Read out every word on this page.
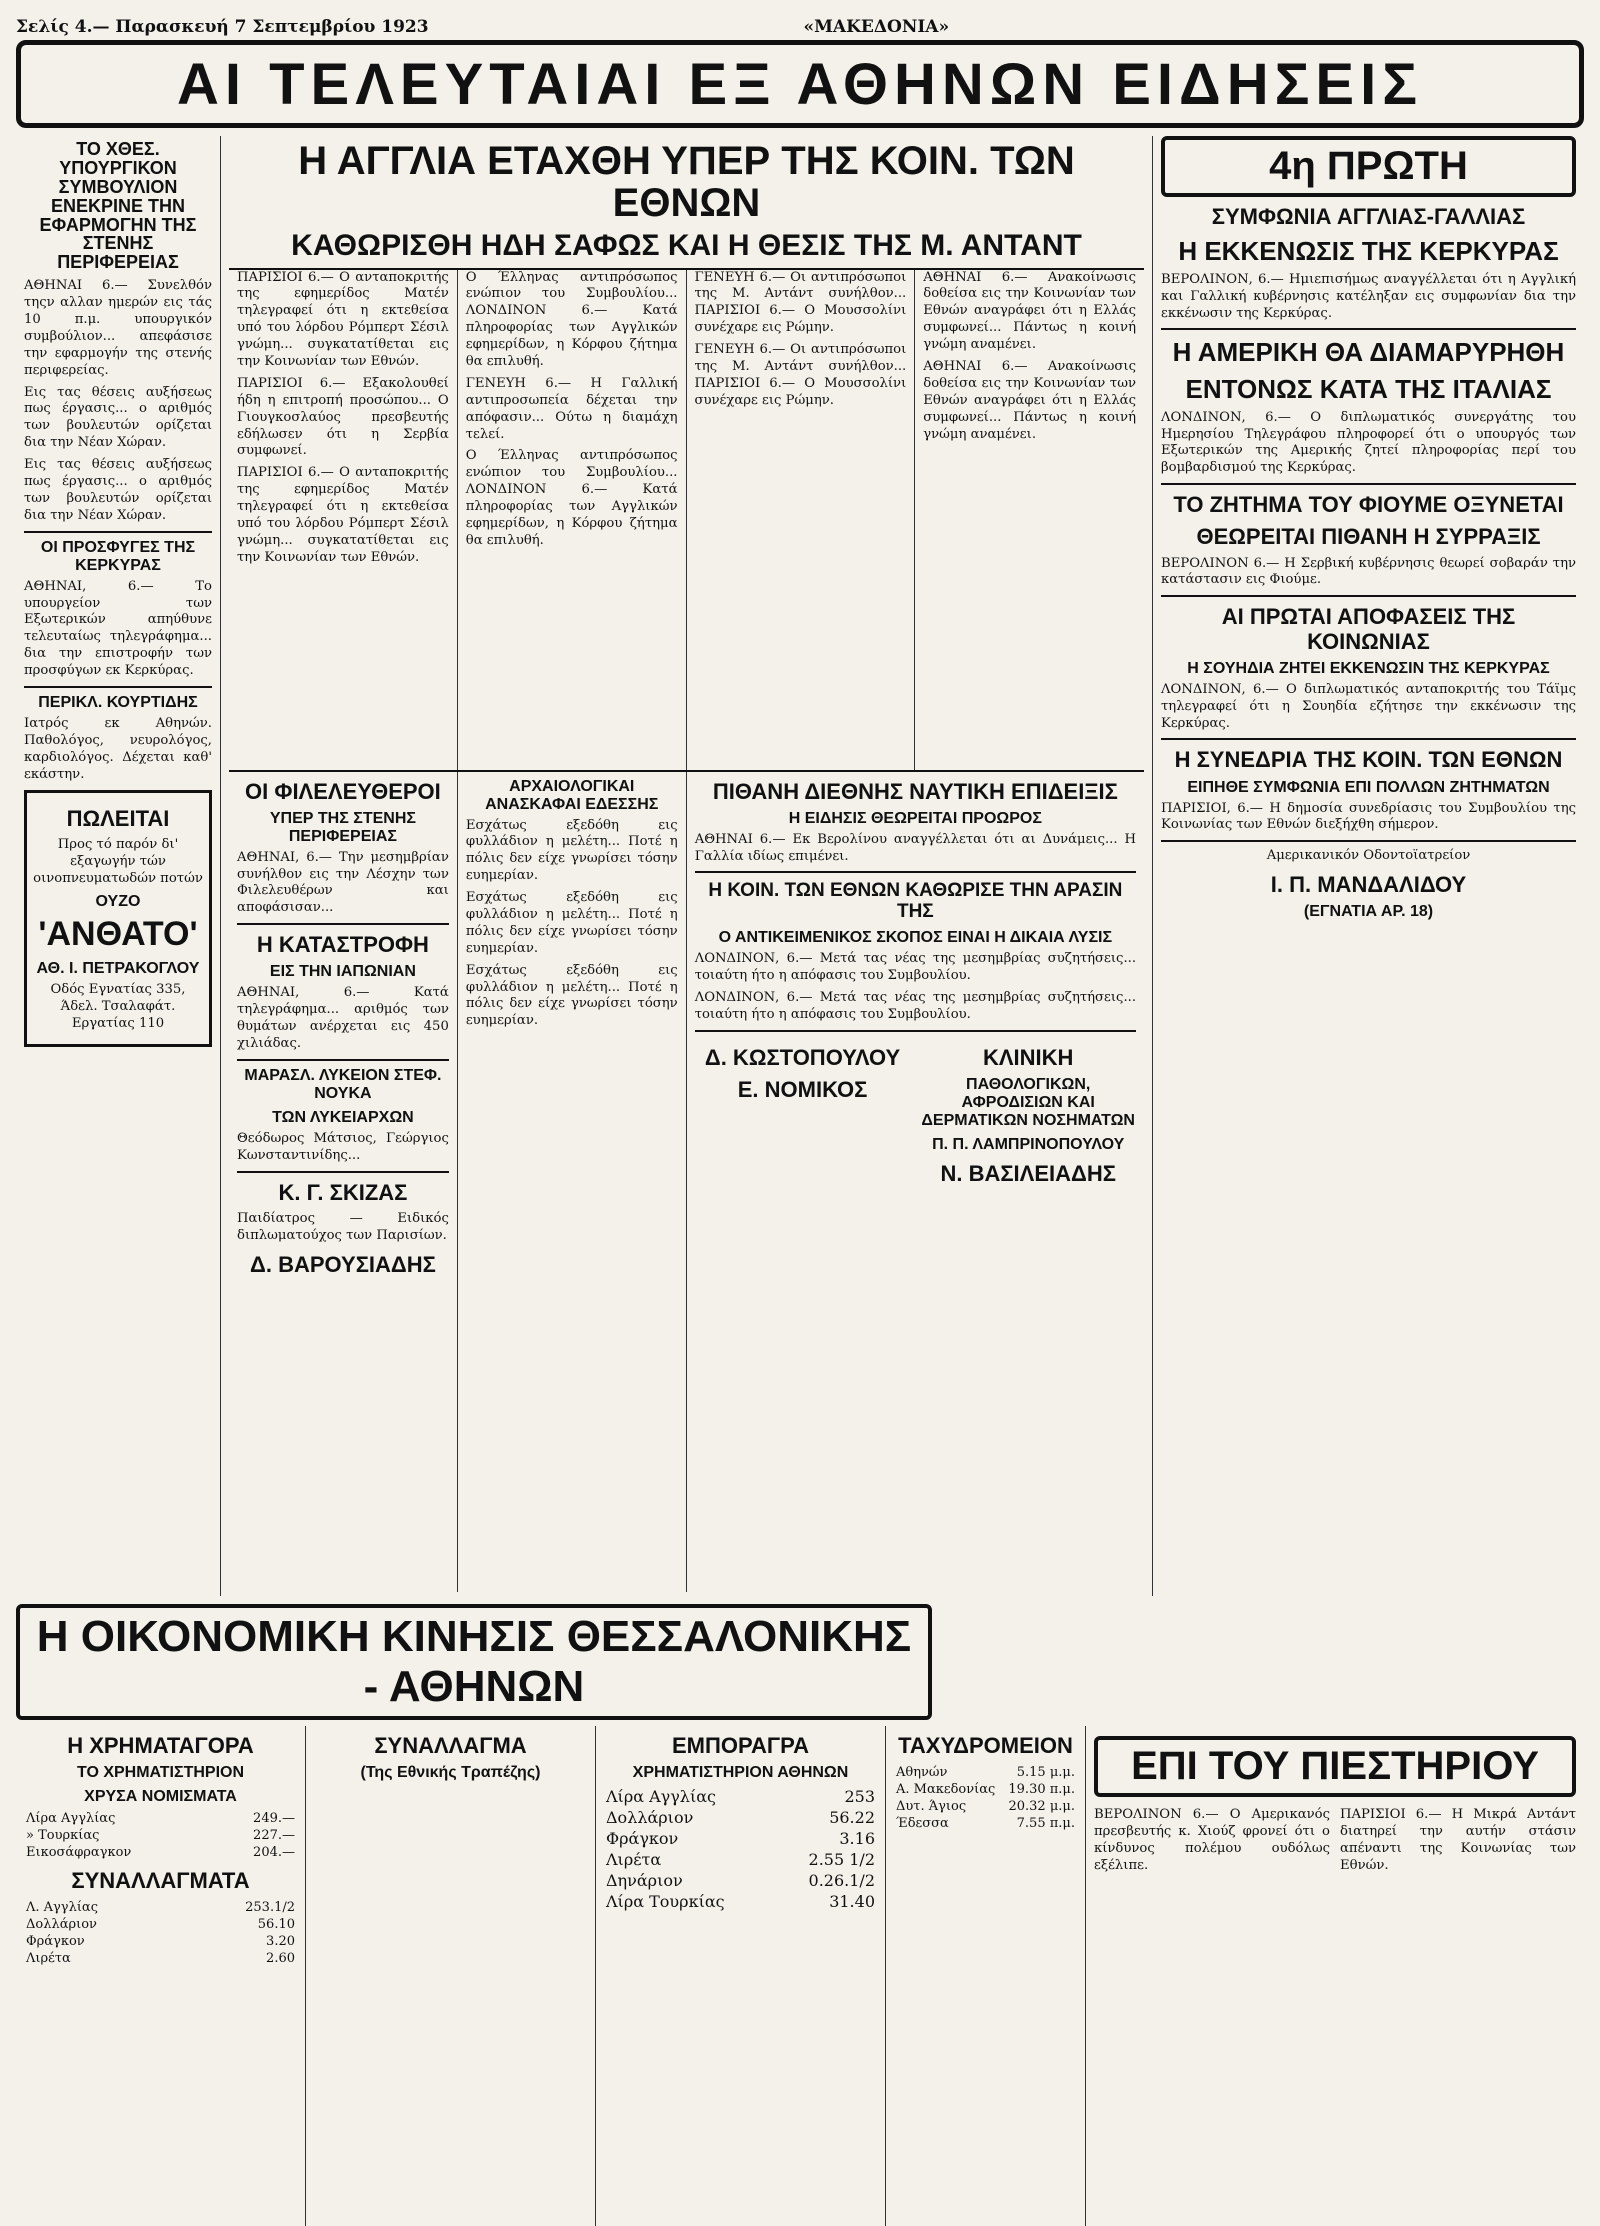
Σελίς 4.— Παρασκευή 7 Σεπτεμβρίου 1923	«ΜΑΚΕΔΟΝΙΑ»
ΑΙ ΤΕΛΕΥΤΑΙΑΙ ΕΞ ΑΘΗΝΩΝ ΕΙΔΗΣΕΙΣ
ΤΟ ΧΘΕΣ. ΥΠΟΥΡΓΙΚΟΝ ΣΥΜΒΟΥΛΙΟΝ ΕΝΕΚΡΙΝΕ ΤΗΝ ΕΦΑΡΜΟΓΗΝ ΤΗΣ ΣΤΕΝΗΣ ΠΕΡΙΦΕΡΕΙΑΣ

ΑΘΗΝΑΙ 6.— Συνελθόν τηςν αλλαν ημερών εις τάς 10 π.μ. υπουργικόν συμβούλιον... απεφάσισε την εφαρμογήν της στενής περιφερείας.

Εις τας θέσεις αυξήσεως πως έργασις... ο αριθμός των βουλευτών ορίζεται δια την Νέαν Χώραν.

Εις τας θέσεις αυξήσεως πως έργασις... ο αριθμός των βουλευτών ορίζεται δια την Νέαν Χώραν.

ΟΙ ΠΡΟΣΦΥΓΕΣ ΤΗΣ ΚΕΡΚΥΡΑΣ

ΑΘΗΝΑΙ, 6.— Το υπουργείον των Εξωτερικών απηύθυνε τελευταίως τηλεγράφημα... δια την επιστροφήν των προσφύγων εκ Κερκύρας.

ΠΕΡΙΚΛ. ΚΟΥΡΤΙΔΗΣ

Ιατρός εκ Αθηνών. Παθολόγος, νευρολόγος, καρδιολόγος. Δέχεται καθ' εκάστην.

ΠΩΛΕΙΤΑΙ

Προς τό παρόν δι' εξαγωγήν τών οινοπνευματωδών ποτών

ΟΥΖΟ
'ΑΝΘΑΤΟ'
ΑΘ. Ι. ΠΕΤΡΑΚΟΓΛΟΥ

Οδός Εγνατίας 335, Άδελ. Τσαλαφάτ. Εργατίας 110

Η ΑΓΓΛΙΑ ΕΤΑΧΘΗ ΥΠΕΡ ΤΗΣ ΚΟΙΝ. ΤΩΝ ΕΘΝΩΝ
ΚΑΘΩΡΙΣΘΗ ΗΔΗ ΣΑΦΩΣ ΚΑΙ Η ΘΕΣΙΣ ΤΗΣ Μ. ΑΝΤΑΝΤ

ΠΑΡΙΣΙΟΙ 6.— Ο ανταποκριτής της εφημερίδος Ματέν τηλεγραφεί ότι η εκτεθείσα υπό του λόρδου Ρόμπερτ Σέσιλ γνώμη... συγκατατίθεται εις την Κοινωνίαν των Εθνών.

ΠΑΡΙΣΙΟΙ 6.— Εξακολουθεί ήδη η επιτροπή προσώπου... Ο Γιουγκοσλαύος πρεσβευτής εδήλωσεν ότι η Σερβία συμφωνεί.

ΠΑΡΙΣΙΟΙ 6.— Ο ανταποκριτής της εφημερίδος Ματέν τηλεγραφεί ότι η εκτεθείσα υπό του λόρδου Ρόμπερτ Σέσιλ γνώμη... συγκατατίθεται εις την Κοινωνίαν των Εθνών.

Ο Έλληνας αντιπρόσωπος ενώπιον του Συμβουλίου... ΛΟΝΔΙΝΟΝ 6.— Κατά πληροφορίας των Αγγλικών εφημερίδων, η Κόρφου ζήτημα θα επιλυθή.

ΓΕΝΕΥΗ 6.— Η Γαλλική αντιπροσωπεία δέχεται την απόφασιν... Ούτω η διαμάχη τελεί.

Ο Έλληνας αντιπρόσωπος ενώπιον του Συμβουλίου... ΛΟΝΔΙΝΟΝ 6.— Κατά πληροφορίας των Αγγλικών εφημερίδων, η Κόρφου ζήτημα θα επιλυθή.

ΓΕΝΕΥΗ 6.— Οι αντιπρόσωποι της Μ. Αντάντ συνήλθον... ΠΑΡΙΣΙΟΙ 6.— Ο Μουσσολίνι συνέχαρε εις Ρώμην.

ΓΕΝΕΥΗ 6.— Οι αντιπρόσωποι της Μ. Αντάντ συνήλθον... ΠΑΡΙΣΙΟΙ 6.— Ο Μουσσολίνι συνέχαρε εις Ρώμην.

ΑΘΗΝΑΙ 6.— Ανακοίνωσις δοθείσα εις την Κοινωνίαν των Εθνών αναγράφει ότι η Ελλάς συμφωνεί... Πάντως η κοινή γνώμη αναμένει.

ΑΘΗΝΑΙ 6.— Ανακοίνωσις δοθείσα εις την Κοινωνίαν των Εθνών αναγράφει ότι η Ελλάς συμφωνεί... Πάντως η κοινή γνώμη αναμένει.

ΟΙ ΦΙΛΕΛΕΥΘΕΡΟΙ
ΥΠΕΡ ΤΗΣ ΣΤΕΝΗΣ ΠΕΡΙΦΕΡΕΙΑΣ

ΑΘΗΝΑΙ, 6.— Την μεσημβρίαν συνήλθον εις την Λέσχην των Φιλελευθέρων και αποφάσισαν...

Η ΚΑΤΑΣΤΡΟΦΗ
ΕΙΣ ΤΗΝ ΙΑΠΩΝΙΑΝ

ΑΘΗΝΑΙ, 6.— Κατά τηλεγράφημα... αριθμός των θυμάτων ανέρχεται εις 450 χιλιάδας.

ΜΑΡΑΣΛ. ΛΥΚΕΙΟΝ ΣΤΕΦ. ΝΟΥΚΑ
ΤΩΝ ΛΥΚΕΙΑΡΧΩΝ

Θεόδωρος Μάτσιος, Γεώργιος Κωνσταντινίδης...

Κ. Γ. ΣΚΙΖΑΣ

Παιδίατρος — Ειδικός διπλωματούχος των Παρισίων.

Δ. ΒΑΡΟΥΣΙΑΔΗΣ
ΑΡΧΑΙΟΛΟΓΙΚΑΙ ΑΝΑΣΚΑΦΑΙ ΕΔΕΣΣΗΣ

Εσχάτως εξεδόθη εις φυλλάδιον η μελέτη... Ποτέ η πόλις δεν είχε γνωρίσει τόσην ευημερίαν.

Εσχάτως εξεδόθη εις φυλλάδιον η μελέτη... Ποτέ η πόλις δεν είχε γνωρίσει τόσην ευημερίαν.

Εσχάτως εξεδόθη εις φυλλάδιον η μελέτη... Ποτέ η πόλις δεν είχε γνωρίσει τόσην ευημερίαν.

ΠΙΘΑΝΗ ΔΙΕΘΝΗΣ ΝΑΥΤΙΚΗ ΕΠΙΔΕΙΞΙΣ
Η ΕΙΔΗΣΙΣ ΘΕΩΡΕΙΤΑΙ ΠΡΟΩΡΟΣ

ΑΘΗΝΑΙ 6.— Εκ Βερολίνου αναγγέλλεται ότι αι Δυνάμεις... Η Γαλλία ιδίως επιμένει.

Η ΚΟΙΝ. ΤΩΝ ΕΘΝΩΝ ΚΑΘΩΡΙΣΕ ΤΗΝ ΑΡΑΣΙΝ ΤΗΣ
Ο ΑΝΤΙΚΕΙΜΕΝΙΚΟΣ ΣΚΟΠΟΣ ΕΙΝΑΙ Η ΔΙΚΑΙΑ ΛΥΣΙΣ

ΛΟΝΔΙΝΟΝ, 6.— Μετά τας νέας της μεσημβρίας συζητήσεις... τοιαύτη ήτο η απόφασις του Συμβουλίου.

ΛΟΝΔΙΝΟΝ, 6.— Μετά τας νέας της μεσημβρίας συζητήσεις... τοιαύτη ήτο η απόφασις του Συμβουλίου.

Δ. ΚΩΣΤΟΠΟΥΛΟΥ
Ε. ΝΟΜΙΚΟΣ
ΚΛΙΝΙΚΗ
ΠΑΘΟΛΟΓΙΚΩΝ, ΑΦΡΟΔΙΣΙΩΝ ΚΑΙ ΔΕΡΜΑΤΙΚΩΝ ΝΟΣΗΜΑΤΩΝ
Π. Π. ΛΑΜΠΡΙΝΟΠΟΥΛΟΥ
Ν. ΒΑΣΙΛΕΙΑΔΗΣ
4η ΠΡΩΤΗ
ΣΥΜΦΩΝΙΑ ΑΓΓΛΙΑΣ-ΓΑΛΛΙΑΣ
Η ΕΚΚΕΝΩΣΙΣ ΤΗΣ ΚΕΡΚΥΡΑΣ

ΒΕΡΟΛΙΝΟΝ, 6.— Ημιεπισήμως αναγγέλλεται ότι η Αγγλική και Γαλλική κυβέρνησις κατέληξαν εις συμφωνίαν δια την εκκένωσιν της Κερκύρας.

Η ΑΜΕΡΙΚΗ ΘΑ ΔΙΑΜΑΡΥΡΗΘΗ
ΕΝΤΟΝΩΣ ΚΑΤΑ ΤΗΣ ΙΤΑΛΙΑΣ

ΛΟΝΔΙΝΟΝ, 6.— Ο διπλωματικός συνεργάτης του Ημερησίου Τηλεγράφου πληροφορεί ότι ο υπουργός των Εξωτερικών της Αμερικής ζητεί πληροφορίας περί του βομβαρδισμού της Κερκύρας.

ΤΟ ΖΗΤΗΜΑ ΤΟΥ ΦΙΟΥΜΕ ΟΞΥΝΕΤΑΙ
ΘΕΩΡΕΙΤΑΙ ΠΙΘΑΝΗ Η ΣΥΡΡΑΞΙΣ

ΒΕΡΟΛΙΝΟΝ 6.— Η Σερβική κυβέρνησις θεωρεί σοβαράν την κατάστασιν εις Φιούμε.

ΑΙ ΠΡΩΤΑΙ ΑΠΟΦΑΣΕΙΣ ΤΗΣ ΚΟΙΝΩΝΙΑΣ
Η ΣΟΥΗΔΙΑ ΖΗΤΕΙ ΕΚΚΕΝΩΣΙΝ ΤΗΣ ΚΕΡΚΥΡΑΣ

ΛΟΝΔΙΝΟΝ, 6.— Ο διπλωματικός ανταποκριτής του Τάϊμς τηλεγραφεί ότι η Σουηδία εζήτησε την εκκένωσιν της Κερκύρας.

Η ΣΥΝΕΔΡΙΑ ΤΗΣ ΚΟΙΝ. ΤΩΝ ΕΘΝΩΝ
ΕΙΠΗΘΕ ΣΥΜΦΩΝΙΑ ΕΠΙ ΠΟΛΛΩΝ ΖΗΤΗΜΑΤΩΝ

ΠΑΡΙΣΙΟΙ, 6.— Η δημοσία συνεδρίασις του Συμβουλίου της Κοινωνίας των Εθνών διεξήχθη σήμερον.

Αμερικανικόν Οδοντοϊατρείον

Ι. Π. ΜΑΝΔΑΛΙΔΟΥ
(ΕΓΝΑΤΙΑ ΑΡ. 18)
Η ΟΙΚΟΝΟΜΙΚΗ ΚΙΝΗΣΙΣ ΘΕΣΣΑΛΟΝΙΚΗΣ - ΑΘΗΝΩΝ
Η ΧΡΗΜΑΤΑΓΟΡΑ
ΤΟ ΧΡΗΜΑΤΙΣΤΗΡΙΟΝ
ΧΡΥΣΑ ΝΟΜΙΣΜΑΤΑ
Λίρα Αγγλίας	249.—
» Τουρκίας	227.—
Εικοσάφραγκον	204.—
ΣΥΝΑΛΛΑΓΜΑΤΑ
Λ. Αγγλίας	253.1/2
Δολλάριον	56.10
Φράγκον	3.20
Λιρέτα	2.60
ΣΥΝΑΛΛΑΓΜΑ
(Της Εθνικής Τραπέζης)
ΕΜΠΟΡΑΓΡΑ
ΧΡΗΜΑΤΙΣΤΗΡΙΟΝ ΑΘΗΝΩΝ
Λίρα Αγγλίας	253
Δολλάριον	56.22
Φράγκον	3.16
Λιρέτα	2.55 1/2
Δηνάριον	0.26.1/2
Λίρα Τουρκίας	31.40
ΤΑΧΥΔΡΟΜΕΙΟΝ
Αθηνών	5.15 μ.μ.
Α. Μακεδονίας	19.30 π.μ.
Δυτ. Άγιος	20.32 μ.μ.
Έδεσσα	7.55 π.μ.
ΕΠΙ ΤΟΥ ΠΙΕΣΤΗΡΙΟΥ

ΒΕΡΟΛΙΝΟΝ 6.— Ο Αμερικανός πρεσβευτής κ. Χιούζ φρονεί ότι ο κίνδυνος πολέμου ουδόλως εξέλιπε.

ΠΑΡΙΣΙΟΙ 6.— Η Μικρά Αντάντ διατηρεί την αυτήν στάσιν απέναντι της Κοινωνίας των Εθνών.
